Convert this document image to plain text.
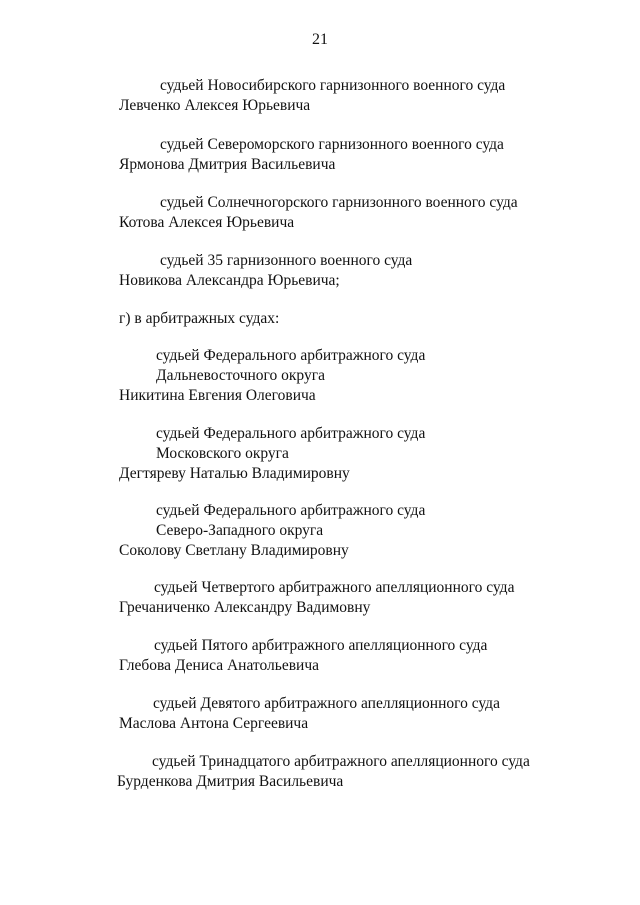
21
судьей Новосибирского гарнизонного военного суда
Левченко Алексея Юрьевича
судьей Североморского гарнизонного военного суда
Ярмонова Дмитрия Васильевича
судьей Солнечногорского гарнизонного военного суда
Котова Алексея Юрьевича
судьей 35 гарнизонного военного суда
Новикова Александра Юрьевича;
г) в арбитражных судах:
судьей Федерального арбитражного суда
Дальневосточного округа
Никитина Евгения Олеговича
судьей Федерального арбитражного суда
Московского округа
Дегтяреву Наталью Владимировну
судьей Федерального арбитражного суда
Северо-Западного округа
Соколову Светлану Владимировну
судьей Четвертого арбитражного апелляционного суда
Гречаниченко Александру Вадимовну
судьей Пятого арбитражного апелляционного суда
Глебова Дениса Анатольевича
судьей Девятого арбитражного апелляционного суда
Маслова Антона Сергеевича
судьей Тринадцатого арбитражного апелляционного суда
Бурденкова Дмитрия Васильевича
